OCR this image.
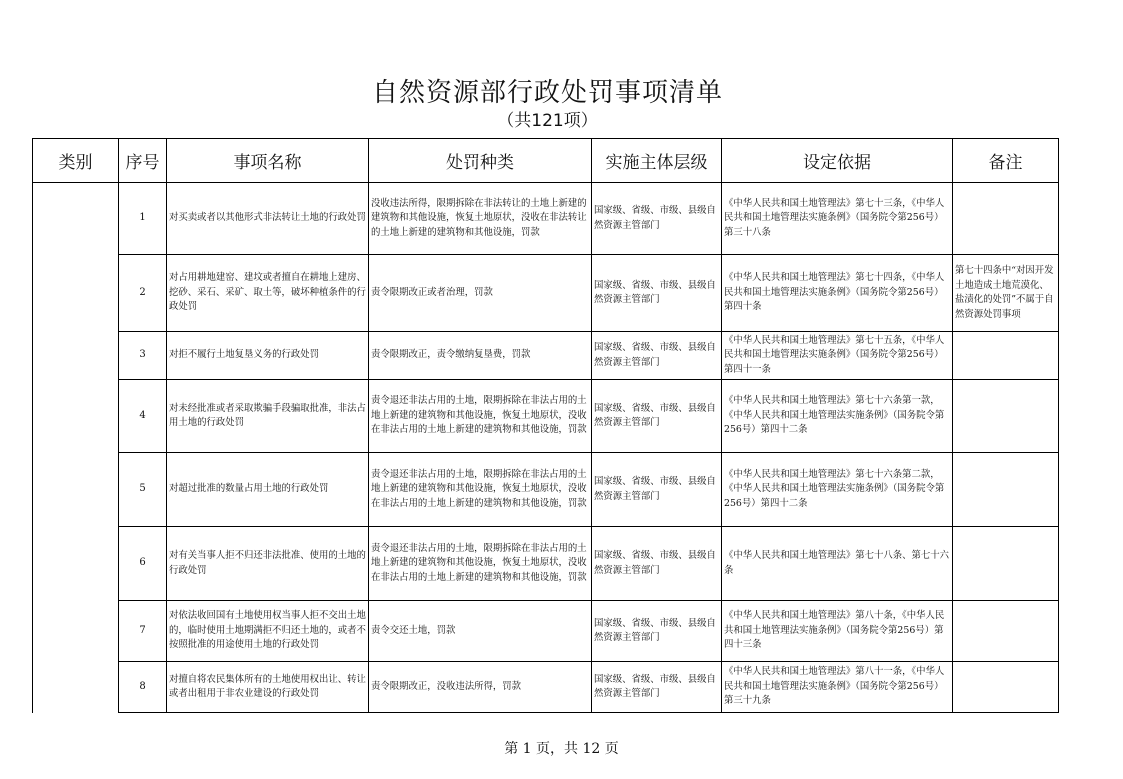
自然资源部行政处罚事项清单
（共121项）
类别	序号	事项名称	处罚种类	实施主体层级	设定依据	备注
	1	对买卖或者以其他形式非法转让土地的行政处罚	没收违法所得，限期拆除在非法转让的土地上新建的建筑物和其他设施，恢复土地原状，没收在非法转让的土地上新建的建筑物和其他设施，罚款	国家级、省级、市级、县级自然资源主管部门	《中华人民共和国土地管理法》第七十三条，《中华人民共和国土地管理法实施条例》（国务院令第256号）第三十八条	
	2	对占用耕地建窑、建坟或者擅自在耕地上建房、挖砂、采石、采矿、取土等，破坏种植条件的行政处罚	责令限期改正或者治理，罚款	国家级、省级、市级、县级自然资源主管部门	《中华人民共和国土地管理法》第七十四条，《中华人民共和国土地管理法实施条例》（国务院令第256号）第四十条	第七十四条中“对因开发土地造成土地荒漠化、盐渍化的处罚”不属于自然资源处罚事项
	3	对拒不履行土地复垦义务的行政处罚	责令限期改正，责令缴纳复垦费，罚款	国家级、省级、市级、县级自然资源主管部门	《中华人民共和国土地管理法》第七十五条，《中华人民共和国土地管理法实施条例》（国务院令第256号）第四十一条	
	4	对未经批准或者采取欺骗手段骗取批准，非法占用土地的行政处罚	责令退还非法占用的土地，限期拆除在非法占用的土地上新建的建筑物和其他设施，恢复土地原状，没收在非法占用的土地上新建的建筑物和其他设施，罚款	国家级、省级、市级、县级自然资源主管部门	《中华人民共和国土地管理法》第七十六条第一款，《中华人民共和国土地管理法实施条例》（国务院令第256号）第四十二条	
	5	对超过批准的数量占用土地的行政处罚	责令退还非法占用的土地，限期拆除在非法占用的土地上新建的建筑物和其他设施，恢复土地原状，没收在非法占用的土地上新建的建筑物和其他设施，罚款	国家级、省级、市级、县级自然资源主管部门	《中华人民共和国土地管理法》第七十六条第二款，《中华人民共和国土地管理法实施条例》（国务院令第256号）第四十二条	
	6	对有关当事人拒不归还非法批准、使用的土地的行政处罚	责令退还非法占用的土地，限期拆除在非法占用的土地上新建的建筑物和其他设施，恢复土地原状，没收在非法占用的土地上新建的建筑物和其他设施，罚款	国家级、省级、市级、县级自然资源主管部门	《中华人民共和国土地管理法》第七十八条、第七十六条	
	7	对依法收回国有土地使用权当事人拒不交出土地的，临时使用土地期满拒不归还土地的，或者不按照批准的用途使用土地的行政处罚	责令交还土地，罚款	国家级、省级、市级、县级自然资源主管部门	《中华人民共和国土地管理法》第八十条，《中华人民共和国土地管理法实施条例》（国务院令第256号）第四十三条	
	8	对擅自将农民集体所有的土地使用权出让、转让或者出租用于非农业建设的行政处罚	责令限期改正，没收违法所得，罚款	国家级、省级、市级、县级自然资源主管部门	《中华人民共和国土地管理法》第八十一条，《中华人民共和国土地管理法实施条例》（国务院令第256号）第三十九条	
第 1 页，共 12 页
